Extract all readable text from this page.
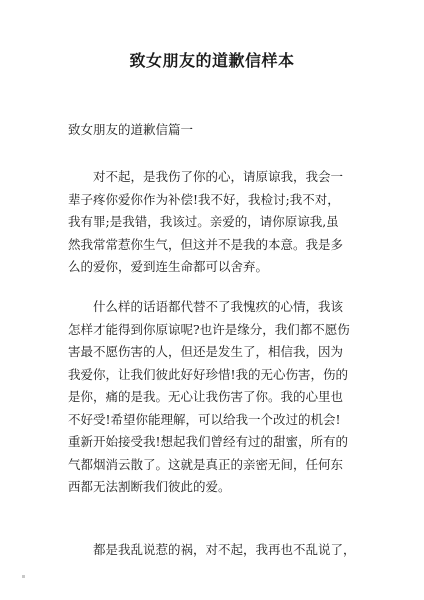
致女朋友的道歉信样本
致女朋友的道歉信篇一
　　对不起，是我伤了你的心，请原谅我，我会一
辈子疼你爱你作为补偿!我不好，我检讨;我不对，
我有罪;是我错，我该过。亲爱的，请你原谅我,虽
然我常常惹你生气，但这并不是我的本意。我是多
么的爱你，爱到连生命都可以舍弃。
　　什么样的话语都代替不了我愧疚的心情，我该
怎样才能得到你原谅呢?也许是缘分，我们都不愿伤
害最不愿伤害的人，但还是发生了，相信我，因为
我爱你，让我们彼此好好珍惜!我的无心伤害，伤的
是你，痛的是我。无心让我伤害了你。我的心里也
不好受!希望你能理解，可以给我一个改过的机会!
重新开始接受我!想起我们曾经有过的甜蜜，所有的
气都烟消云散了。这就是真正的亲密无间，任何东
西都无法割断我们彼此的爱。
　　都是我乱说惹的祸，对不起，我再也不乱说了，
